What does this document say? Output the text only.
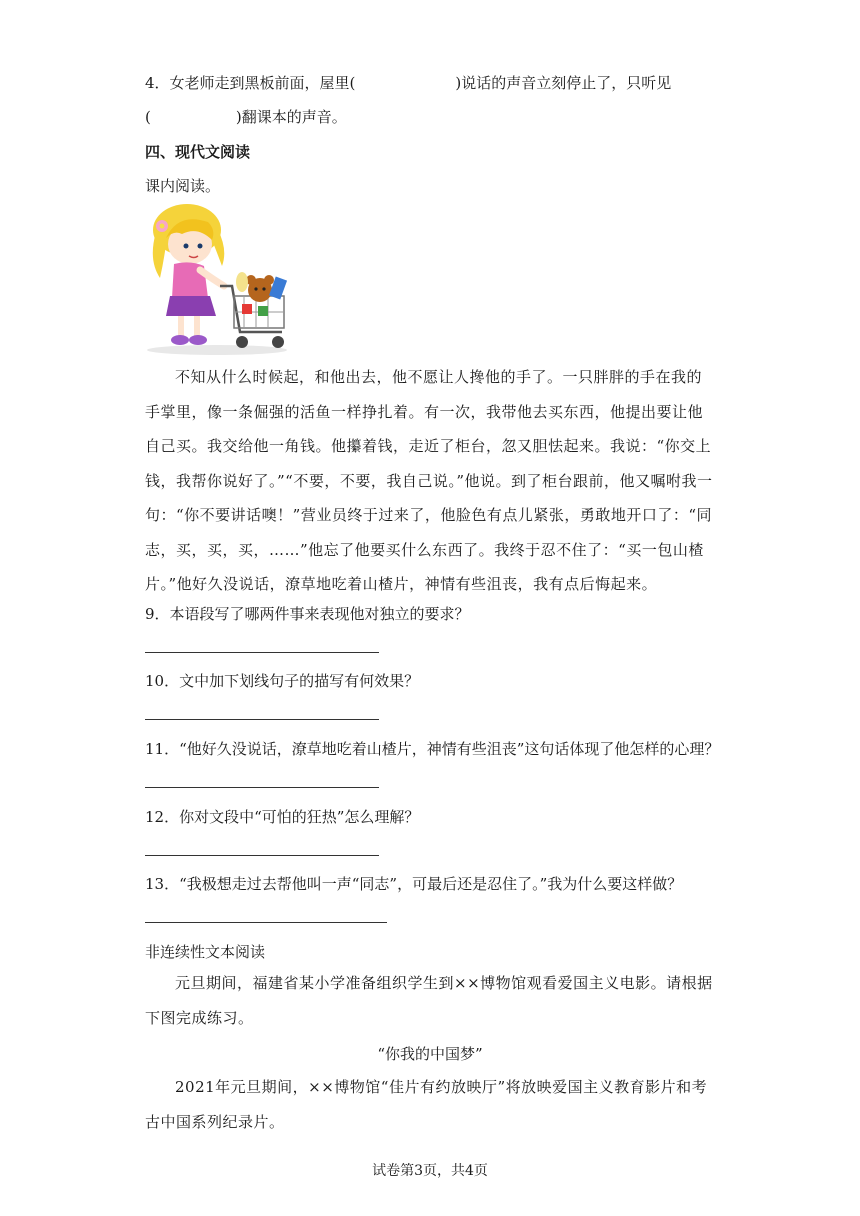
4．女老师走到黑板前面，屋里(	)说话的声音立刻停止了，只听见
(	)翻课本的声音。
四、现代文阅读
课内阅读。

不知从什么时候起，和他出去，他不愿让人搀他的手了。一只胖胖的手在我的手掌里，像一条倔强的活鱼一样挣扎着。有一次，我带他去买东西，他提出要让他自己买。我交给他一角钱。他攥着钱，走近了柜台，忽又胆怯起来。我说：“你交上钱，我帮你说好了。”“不要，不要，我自己说。”他说。到了柜台跟前，他又嘱咐我一句：“你不要讲话噢！”营业员终于过来了，他脸色有点儿紧张，勇敢地开口了：“同志，买，买，买，……”他忘了他要买什么东西了。我终于忍不住了：“买一包山楂片。”他好久没说话，潦草地吃着山楂片，神情有些沮丧，我有点后悔起来。

9．本语段写了哪两件事来表现他对独立的要求？
10．文中加下划线句子的描写有何效果？
11．“他好久没说话，潦草地吃着山楂片，神情有些沮丧”这句话体现了他怎样的心理？
12．你对文段中“可怕的狂热”怎么理解？
13．“我极想走过去帮他叫一声“同志”，可最后还是忍住了。”我为什么要这样做？
非连续性文本阅读

元旦期间，福建省某小学准备组织学生到××博物馆观看爱国主义电影。请根据下图完成练习。

“你我的中国梦”

2021年元旦期间，××博物馆“佳片有约放映厅”将放映爱国主义教育影片和考古中国系列纪录片。

试卷第3页，共4页
